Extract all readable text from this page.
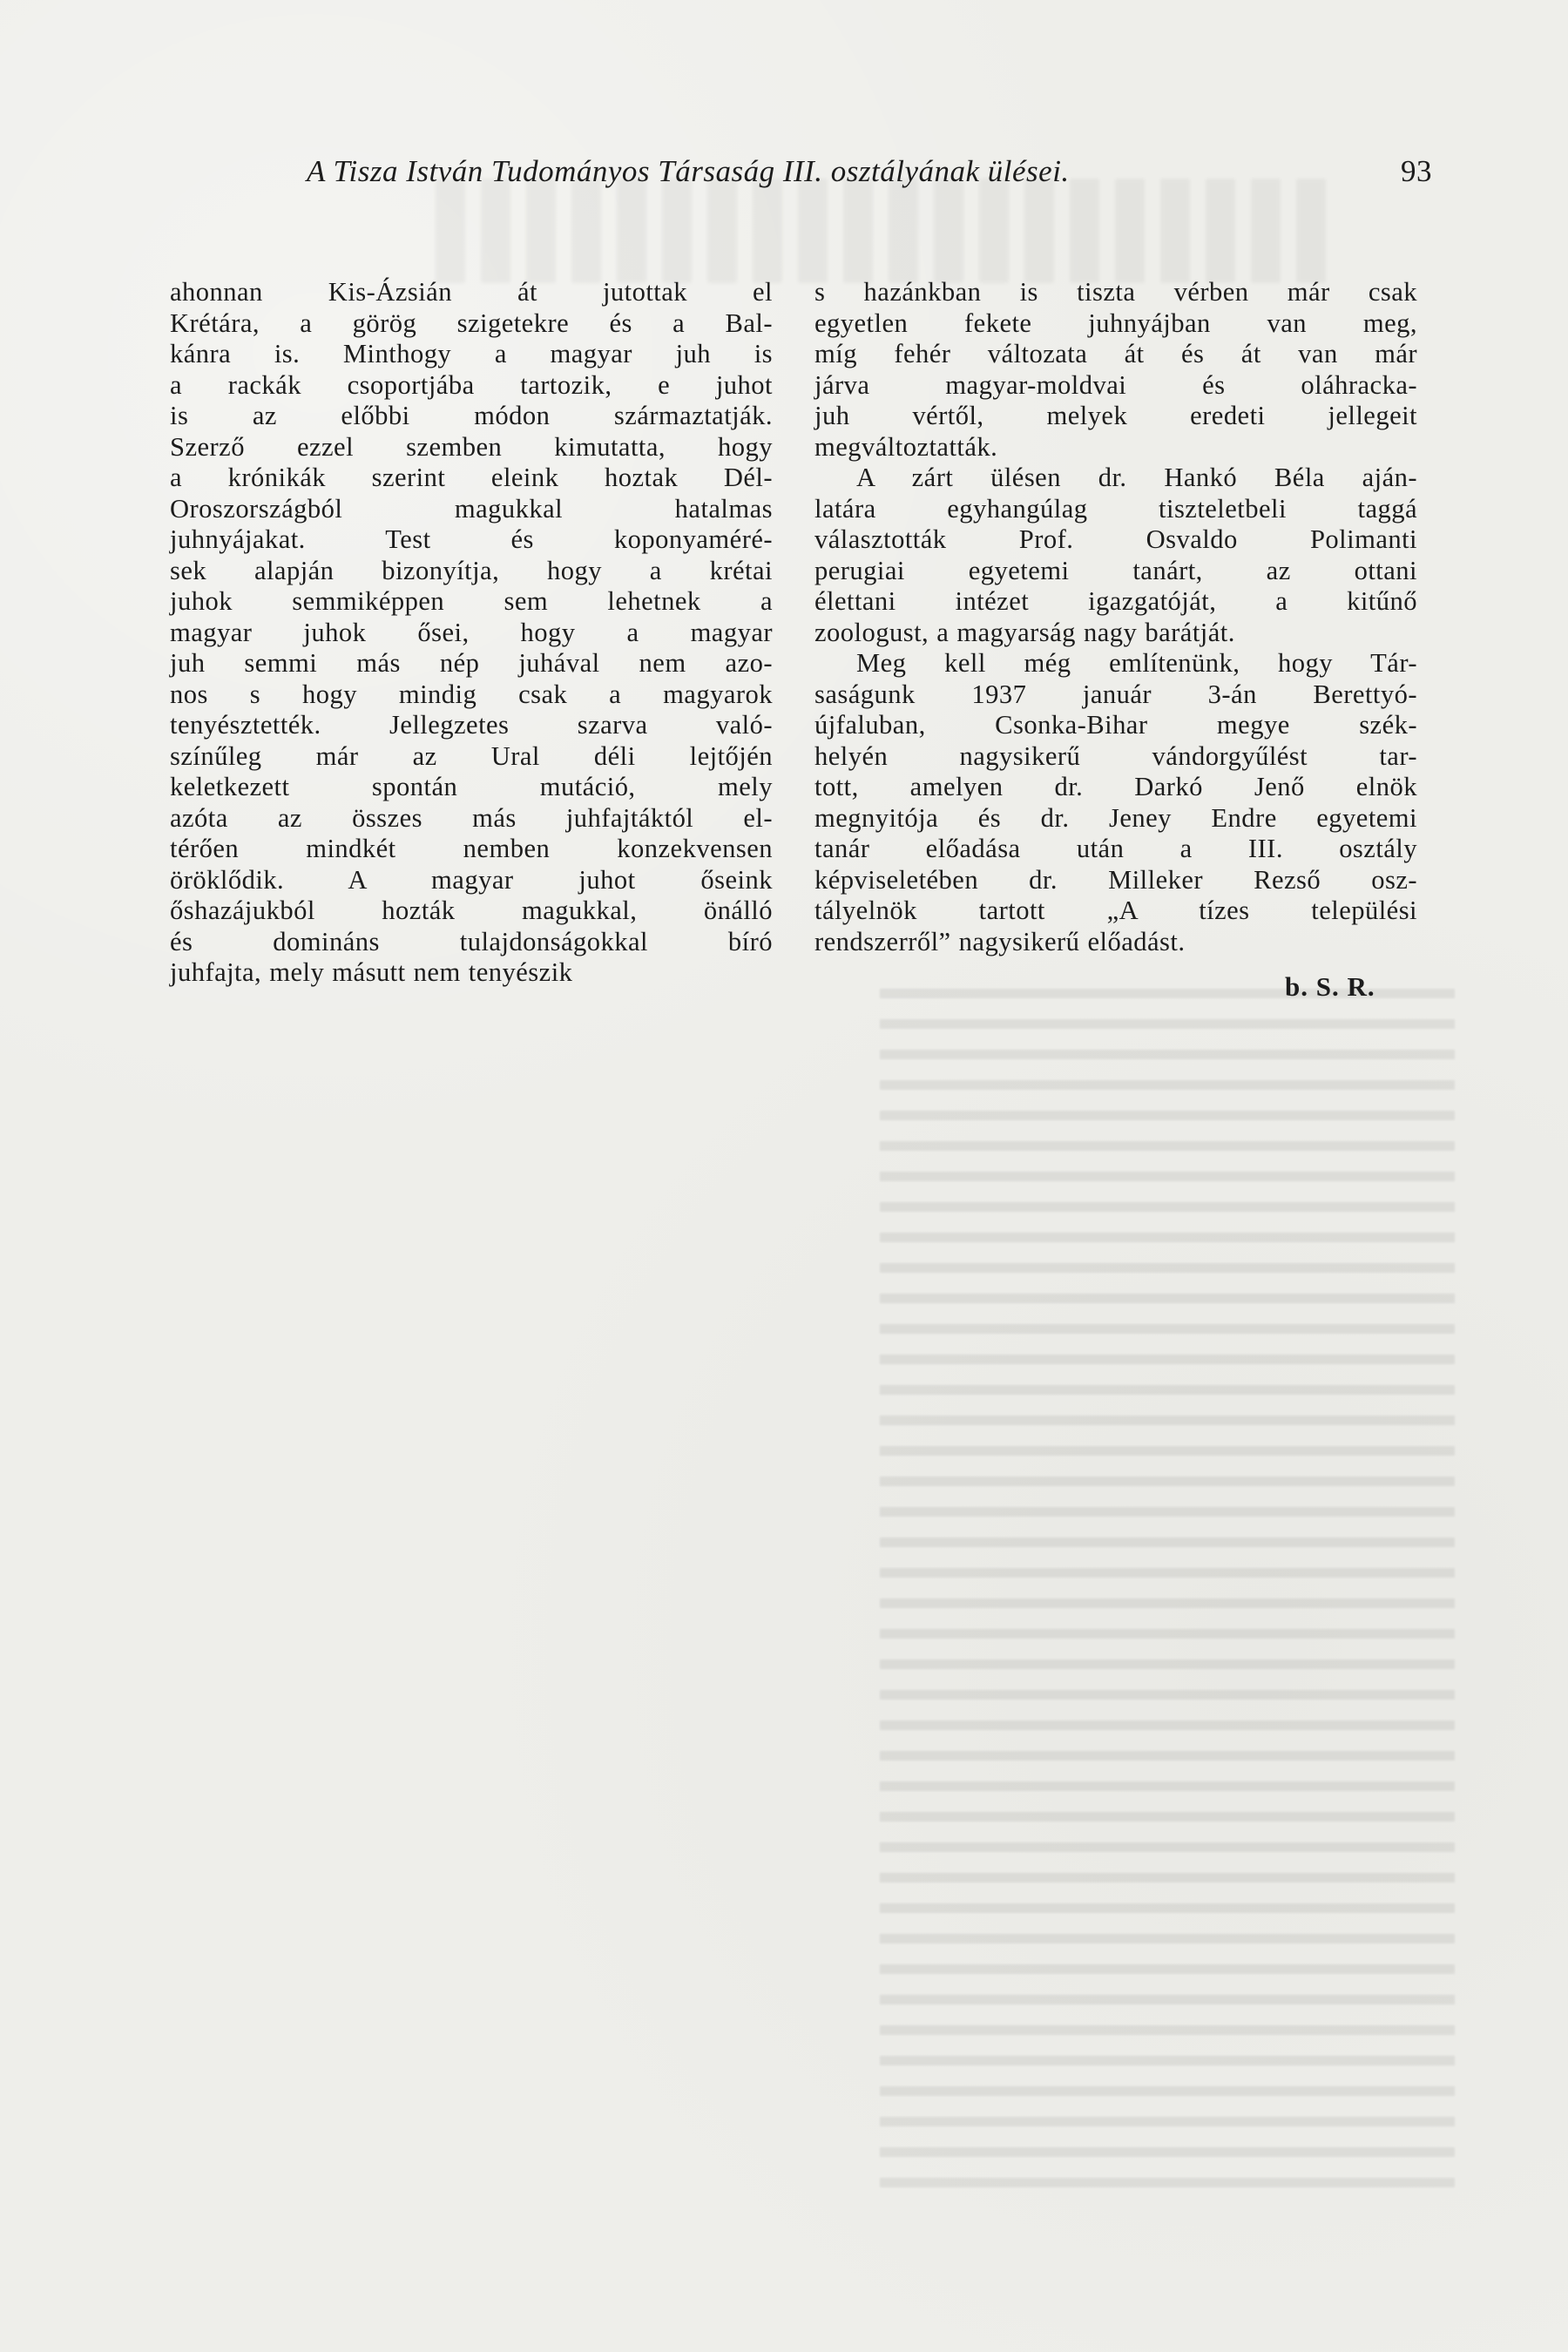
A Tisza István Tudományos Társaság III. osztályának ülései.	93
ahonnan Kis-Ázsián át jutottak el
Krétára, a görög szigetekre és a Bal-
kánra is. Minthogy a magyar juh is
a rackák csoportjába tartozik, e juhot
is az előbbi módon származtatják.
Szerző ezzel szemben kimutatta, hogy
a krónikák szerint eleink hoztak Dél-
Oroszországból magukkal hatalmas
juhnyájakat. Test és koponyaméré-
sek alapján bizonyítja, hogy a krétai
juhok semmiképpen sem lehetnek a
magyar juhok ősei, hogy a magyar
juh semmi más nép juhával nem azo-
nos s hogy mindig csak a magyarok
tenyésztették. Jellegzetes szarva való-
színűleg már az Ural déli lejtőjén
keletkezett spontán mutáció, mely
azóta az összes más juhfajtáktól el-
térően mindkét nemben konzekvensen
öröklődik. A magyar juhot őseink
őshazájukból hozták magukkal, önálló
és domináns tulajdonságokkal bíró
juhfajta, mely másutt nem tenyészik
s hazánkban is tiszta vérben már csak
egyetlen fekete juhnyájban van meg,
míg fehér változata át és át van már
járva magyar-moldvai és oláhracka-
juh vértől, melyek eredeti jellegeit
megváltoztatták.
A zárt ülésen dr. Hankó Béla aján-
latára egyhangúlag tiszteletbeli taggá
választották Prof. Osvaldo Polimanti
perugiai egyetemi tanárt, az ottani
élettani intézet igazgatóját, a kitűnő
zoologust, a magyarság nagy barátját.
Meg kell még említenünk, hogy Tár-
saságunk 1937 január 3-án Berettyó-
újfaluban, Csonka-Bihar megye szék-
helyén nagysikerű vándorgyűlést tar-
tott, amelyen dr. Darkó Jenő elnök
megnyitója és dr. Jeney Endre egyetemi
tanár előadása után a III. osztály
képviseletében dr. Milleker Rezső osz-
tályelnök tartott „A tízes települési
rendszerről” nagysikerű előadást.
b. S. R.
